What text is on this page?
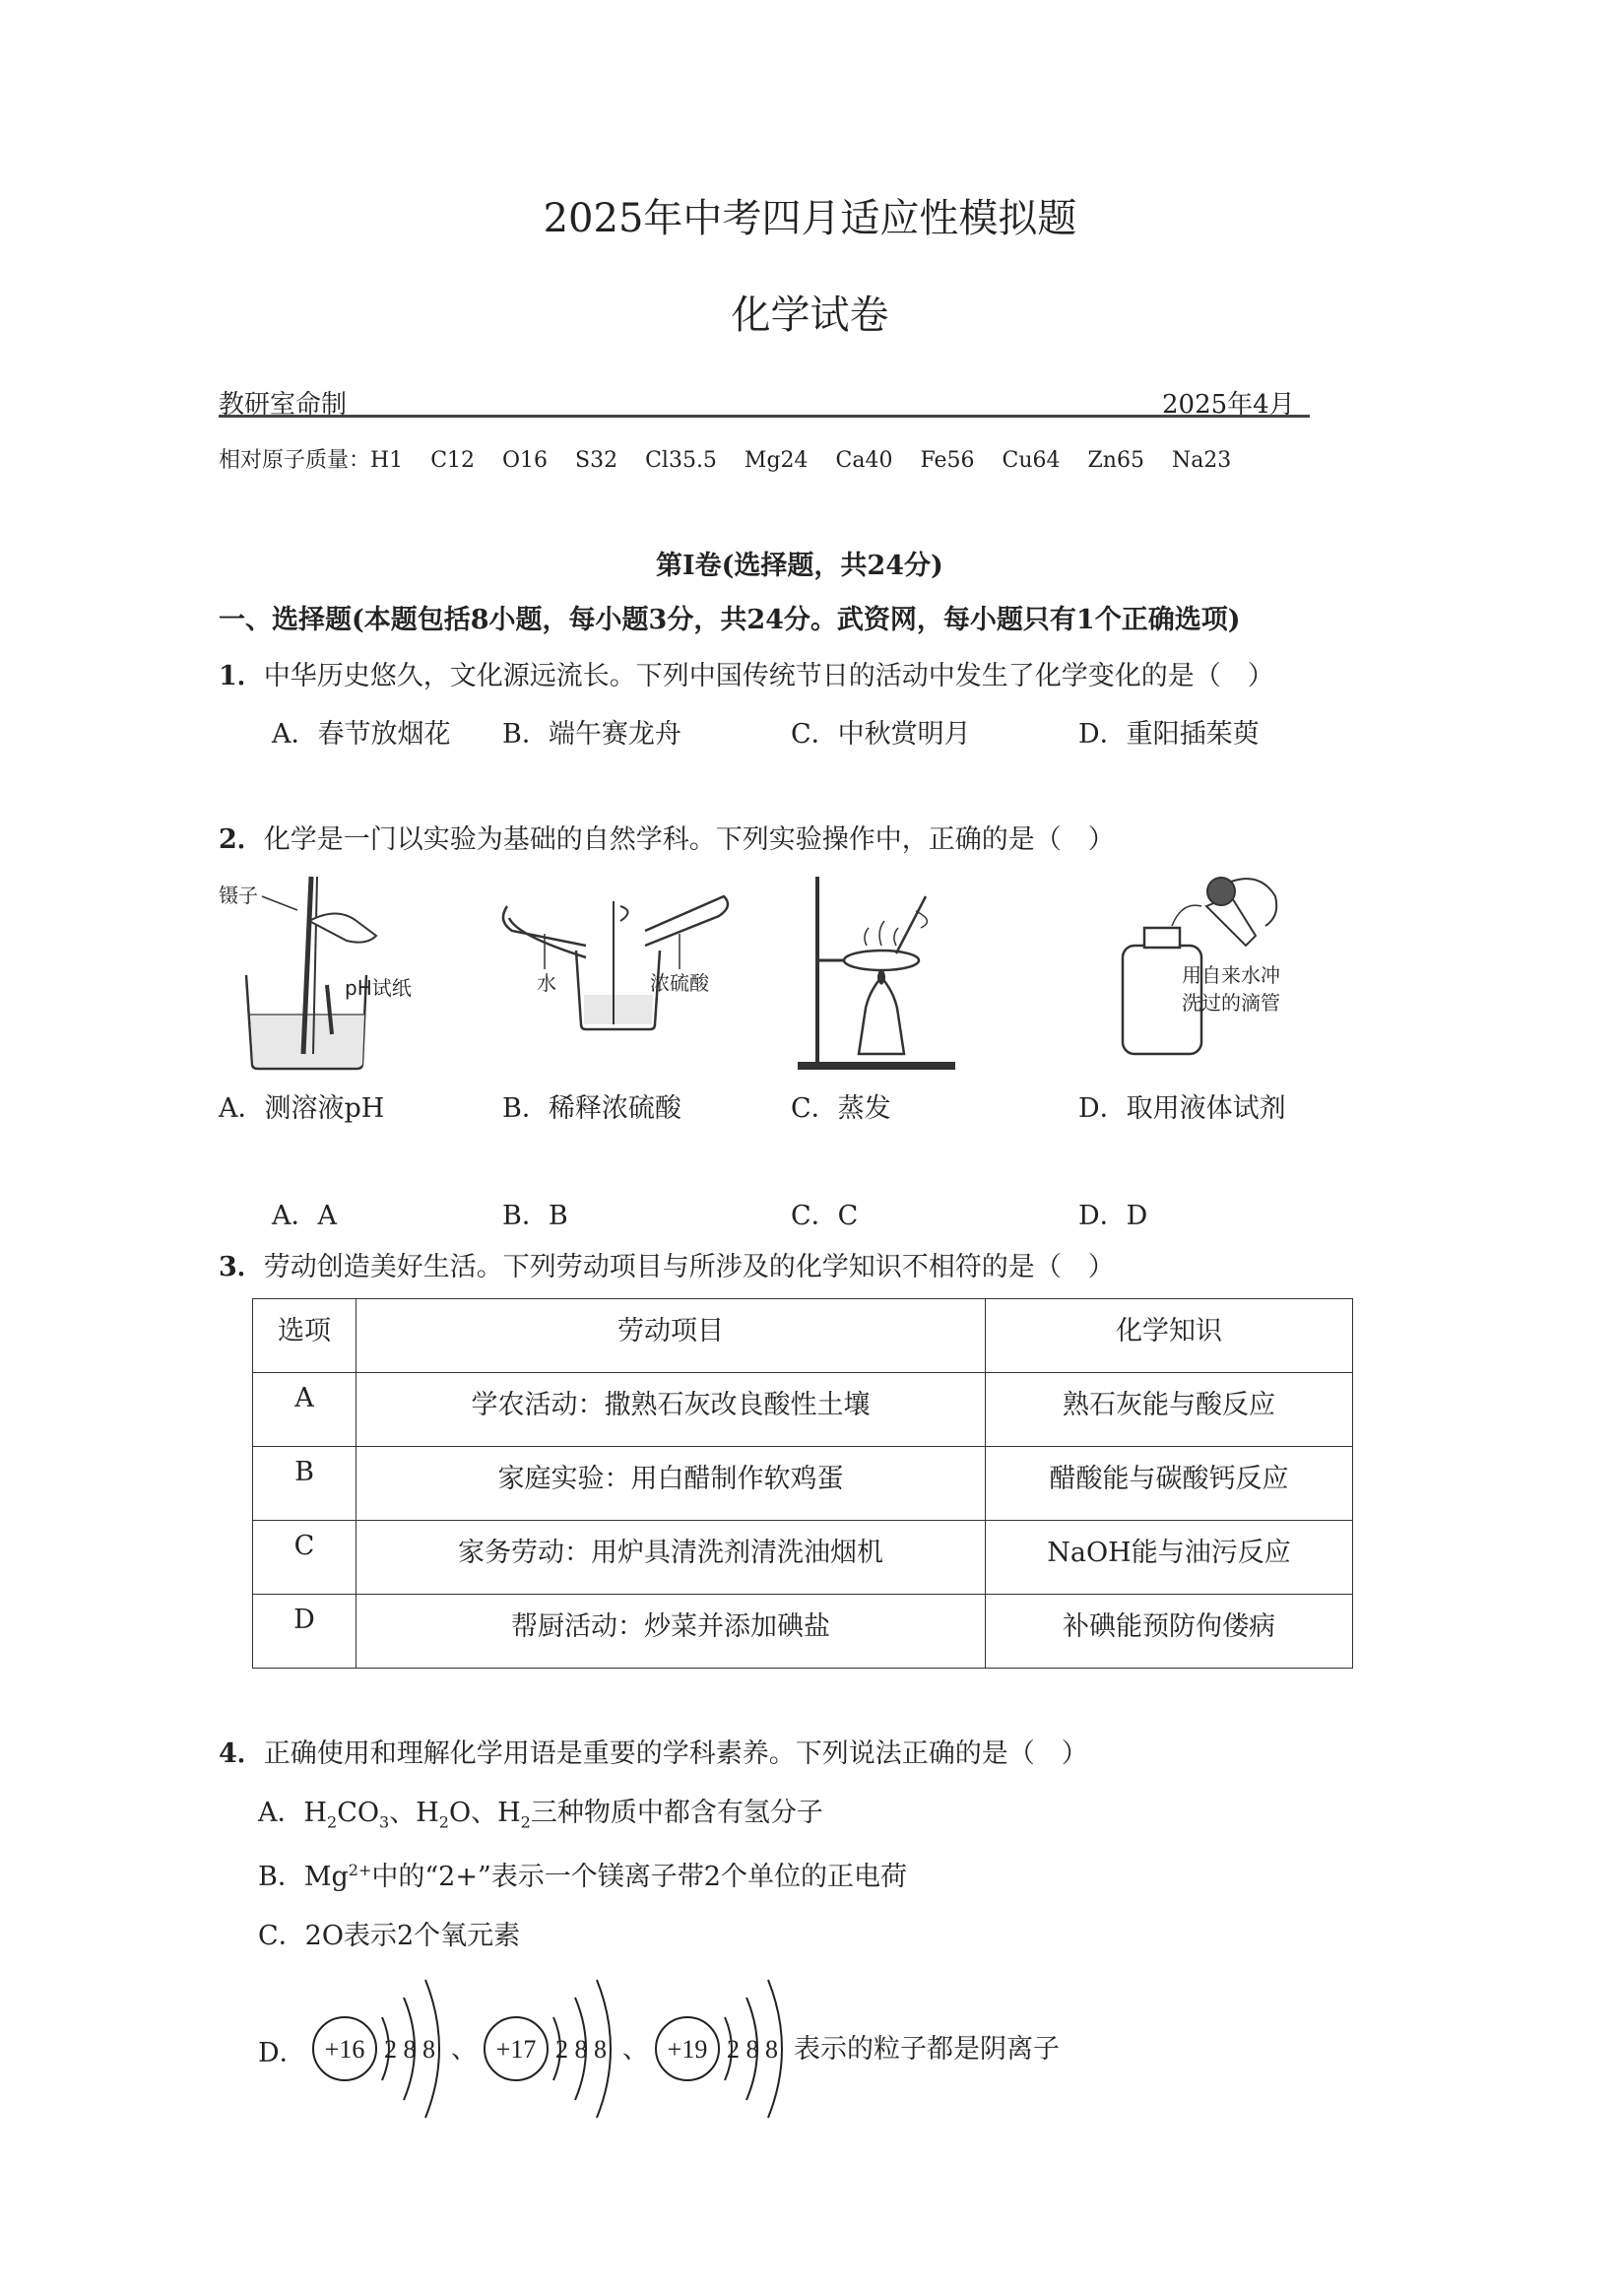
2025年中考四月适应性模拟题
化学试卷
教研室命制	2025年4月
相对原子质量：H1 C12 O16 S32 Cl35.5 Mg24 Ca40 Fe56 Cu64 Zn65 Na23
第Ⅰ卷(选择题，共24分)
一、选择题(本题包括8小题，每小题3分，共24分。武资网，每小题只有1个正确选项)
1．中华历史悠久，文化源远流长。下列中国传统节日的活动中发生了化学变化的是（　）
A．春节放烟花 B．端午赛龙舟	C．中秋赏明月	D．重阳插茱萸
2．化学是一门以实验为基础的自然学科。下列实验操作中，正确的是（　）
镊子
pH试纸	水	浓硫酸	用自来水冲
洗过的滴管
A．测溶液pH	B．稀释浓硫酸	C．蒸发	D．取用液体试剂
A．A	B．B	C．C	D．D
3．劳动创造美好生活。下列劳动项目与所涉及的化学知识不相符的是（　）
选项	劳动项目	化学知识
A	学农活动：撒熟石灰改良酸性土壤	熟石灰能与酸反应
B	家庭实验：用白醋制作软鸡蛋	醋酸能与碳酸钙反应
C	家务劳动：用炉具清洗剂清洗油烟机	NaOH能与油污反应
D	帮厨活动：炒菜并添加碘盐	补碘能预防佝偻病
4．正确使用和理解化学用语是重要的学科素养。下列说法正确的是（　）
A．$H_2CO_3$、$H_2O$、$H_2$三种物质中都含有氢分子
B．$Mg^{2+}$中的“2+”表示一个镁离子带2个单位的正电荷
C．2O表示2个氧元素
D． +16 2 8 8 、 +17 2 8 8 、 +19 2 8 8 表示的粒子都是阴离子
